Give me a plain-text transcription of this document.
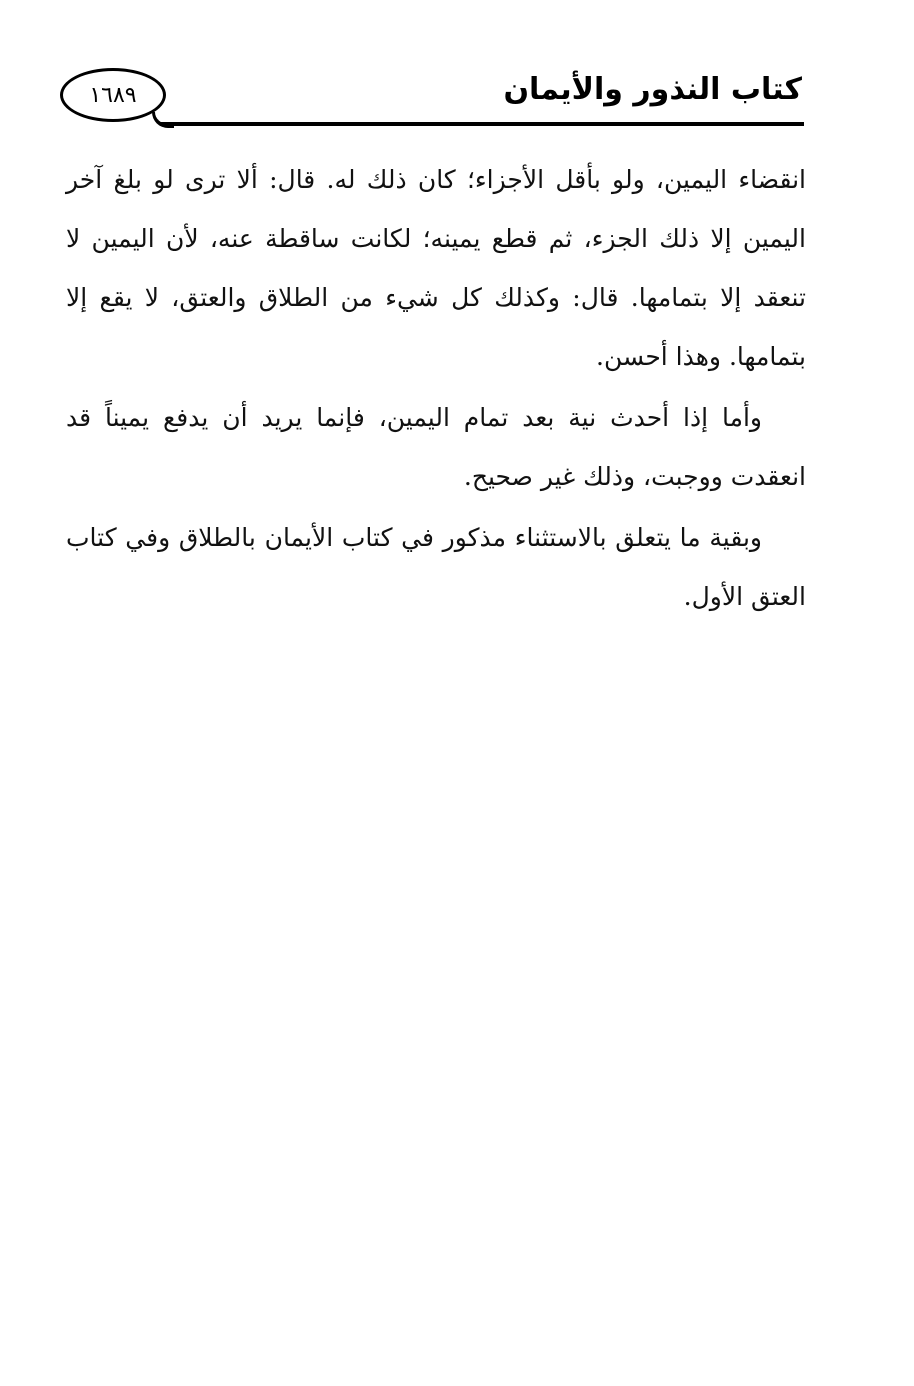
١٦٨٩	كتاب النذور والأيمان

انقضاء اليمين، ولو بأقل الأجزاء؛ كان ذلك له. قال: ألا ترى لو بلغ آخر اليمين إلا ذلك الجزء، ثم قطع يمينه؛ لكانت ساقطة عنه، لأن اليمين لا تنعقد إلا بتمامها. قال: وكذلك كل شيء من الطلاق والعتق، لا يقع إلا بتمامها. وهذا أحسن.

وأما إذا أحدث نية بعد تمام اليمين، فإنما يريد أن يدفع يميناً قد انعقدت ووجبت، وذلك غير صحيح.

وبقية ما يتعلق بالاستثناء مذكور في كتاب الأيمان بالطلاق وفي كتاب العتق الأول.
